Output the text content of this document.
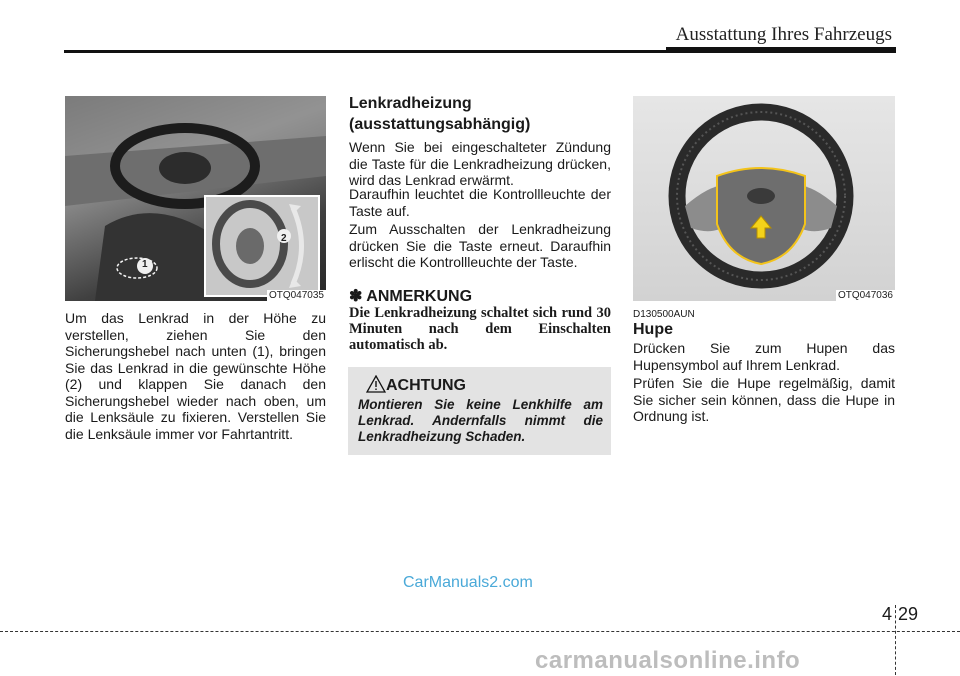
Ausstattung Ihres Fahrzeugs
1
2
OTQ047035
Um das Lenkrad in der Höhe zu verstellen, ziehen Sie den Sicherungshebel nach unten (1), bringen Sie das Lenkrad in die gewünschte Höhe (2) und klappen Sie danach den Sicherungshebel wieder nach oben, um die Lenksäule zu fixieren. Verstellen Sie die Lenksäule immer vor Fahrtantritt.
Lenkradheizung
(ausstattungsabhängig)
Wenn Sie bei eingeschalteter Zündung die Taste für die Lenkradheizung drücken, wird das Lenkrad erwärmt.
Daraufhin leuchtet die Kontrollleuchte der Taste auf.
Zum Ausschalten der Lenkradheizung drücken Sie die Taste erneut. Daraufhin erlischt die Kontrollleuchte der Taste.
✽ ANMERKUNG
Die Lenkradheizung schaltet sich rund 30 Minuten nach dem Einschalten automatisch ab.
ACHTUNG
Montieren Sie keine Lenkhilfe am Lenkrad. Andernfalls nimmt die Lenkradheizung Schaden.
OTQ047036
D130500AUN
Hupe
Drücken Sie zum Hupen das Hupensymbol auf Ihrem Lenkrad.
Prüfen Sie die Hupe regelmäßig, damit Sie sicher sein können, dass die Hupe in Ordnung ist.
CarManuals2.com
4 29
carmanualsonline.info
